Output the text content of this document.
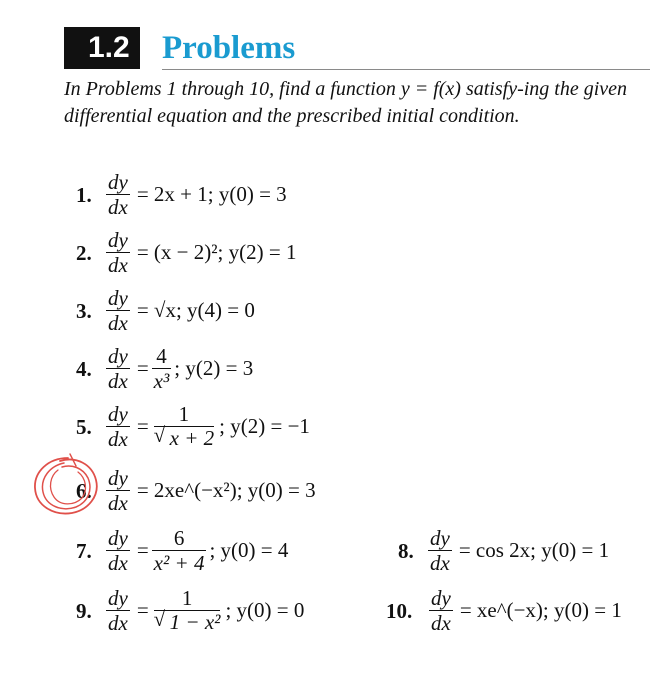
1.2 Problems
In Problems 1 through 10, find a function y = f(x) satisfy-ing the given differential equation and the prescribed initial condition.
1. $\frac{dy}{dx} = 2x + 1$; y(0) = 3
2. $\frac{dy}{dx} = (x - 2)^2$; y(2) = 1
3. $\frac{dy}{dx} = √x$; y(4) = 0
4. $\frac{dy}{dx} = \frac{4}{\text{x³}}$ ; y(2) = 3
5. $\frac{dy}{dx} = 1$
√ x + 2
; y(2) = −1
6. $\frac{dy}{dx}$ = 2xe^(−x²); y(0) = 3
7. $\frac{dy}{dx} = \frac{6}{\text{x² + 4}}$ ; y(0) = 4	8. $\frac{dy}{dx} = \cos 2x$; y(0) = 1
9. $\frac{dy}{dx} = 1$
√ 1 − x²
; y(0) = 0	10. $\frac{dy}{dx}$ = xe^(−x); y(0) = 1
